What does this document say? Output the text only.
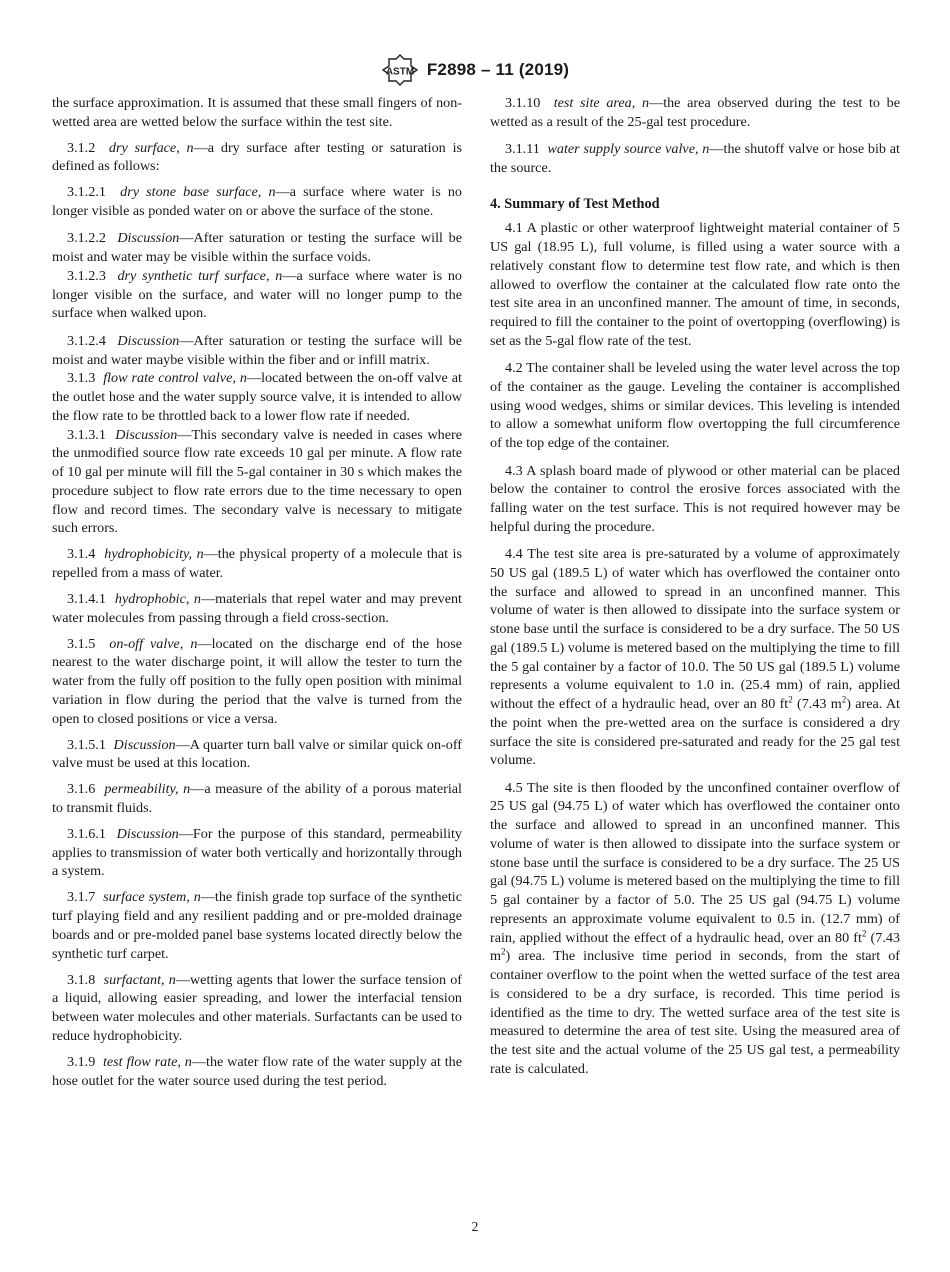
ASTM F2898 – 11 (2019)

the surface approximation. It is assumed that these small fingers of non-wetted area are wetted below the surface within the test site.

3.1.2 dry surface, n—a dry surface after testing or saturation is defined as follows:

3.1.2.1 dry stone base surface, n—a surface where water is no longer visible as ponded water on or above the surface of the stone.

3.1.2.2 Discussion—After saturation or testing the surface will be moist and water may be visible within the surface voids.

3.1.2.3 dry synthetic turf surface, n—a surface where water is no longer visible on the surface, and water will no longer pump to the surface when walked upon.

3.1.2.4 Discussion—After saturation or testing the surface will be moist and water maybe visible within the fiber and or infill matrix.

3.1.3 flow rate control valve, n—located between the on-off valve at the outlet hose and the water supply source valve, it is intended to allow the flow rate to be throttled back to a lower flow rate if needed.

3.1.3.1 Discussion—This secondary valve is needed in cases where the unmodified source flow rate exceeds 10 gal per minute. A flow rate of 10 gal per minute will fill the 5-gal container in 30 s which makes the procedure subject to flow rate errors due to the time necessary to open flow and record times. The secondary valve is necessary to mitigate such errors.

3.1.4 hydrophobicity, n—the physical property of a molecule that is repelled from a mass of water.

3.1.4.1 hydrophobic, n—materials that repel water and may prevent water molecules from passing through a field cross-section.

3.1.5 on-off valve, n—located on the discharge end of the hose nearest to the water discharge point, it will allow the tester to turn the water from the fully off position to the fully open position with minimal variation in flow during the period that the valve is turned from the open to closed positions or vice a versa.

3.1.5.1 Discussion—A quarter turn ball valve or similar quick on-off valve must be used at this location.

3.1.6 permeability, n—a measure of the ability of a porous material to transmit fluids.

3.1.6.1 Discussion—For the purpose of this standard, permeability applies to transmission of water both vertically and horizontally through a system.

3.1.7 surface system, n—the finish grade top surface of the synthetic turf playing field and any resilient padding and or pre-molded drainage boards and or pre-molded panel base systems located directly below the synthetic turf carpet.

3.1.8 surfactant, n—wetting agents that lower the surface tension of a liquid, allowing easier spreading, and lower the interfacial tension between water molecules and other materials. Surfactants can be used to reduce hydrophobicity.

3.1.9 test flow rate, n—the water flow rate of the water supply at the hose outlet for the water source used during the test period.

3.1.10 test site area, n—the area observed during the test to be wetted as a result of the 25-gal test procedure.

3.1.11 water supply source valve, n—the shutoff valve or hose bib at the source.

4. Summary of Test Method

4.1 A plastic or other waterproof lightweight material container of 5 US gal (18.95 L), full volume, is filled using a water source with a relatively constant flow to determine test flow rate, and which is then allowed to overflow the container at the calculated flow rate onto the test site area in an unconfined manner. The amount of time, in seconds, required to fill the container to the point of overtopping (overflowing) is set as the 5-gal flow rate of the test.

4.2 The container shall be leveled using the water level across the top of the container as the gauge. Leveling the container is accomplished using wood wedges, shims or similar devices. This leveling is intended to allow a somewhat uniform flow overtopping the full circumference of the top edge of the container.

4.3 A splash board made of plywood or other material can be placed below the container to control the erosive forces associated with the falling water on the test surface. This is not required however may be helpful during the procedure.

4.4 The test site area is pre-saturated by a volume of approximately 50 US gal (189.5 L) of water which has overflowed the container onto the surface and allowed to spread in an unconfined manner. This volume of water is then allowed to dissipate into the surface system or stone base until the surface is considered to be a dry surface. The 50 US gal (189.5 L) volume is metered based on the multiplying the time to fill the 5 gal container by a factor of 10.0. The 50 US gal (189.5 L) volume represents a volume equivalent to 1.0 in. (25.4 mm) of rain, applied without the effect of a hydraulic head, over an 80 $ft^2$ (7.43 $m^2$) area. At the point when the pre-wetted area on the surface is considered a dry surface the site is considered pre-saturated and ready for the 25 gal test volume.

4.5 The site is then flooded by the unconfined container overflow of 25 US gal (94.75 L) of water which has overflowed the container onto the surface and allowed to spread in an unconfined manner. This volume of water is then allowed to dissipate into the surface system or stone base until the surface is considered to be a dry surface. The 25 US gal (94.75 L) volume is metered based on the multiplying the time to fill 5 gal container by a factor of 5.0. The 25 US gal (94.75 L) volume represents an approximate volume equivalent to 0.5 in. (12.7 mm) of rain, applied without the effect of a hydraulic head, over an 80 $ft^2$ (7.43 $m^2$) area. The inclusive time period in seconds, from the start of container overflow to the point when the wetted surface of the test area is considered to be a dry surface, is recorded. This time period is identified as the time to dry. The wetted surface area of the test site is measured to determine the area of test site. Using the measured area of the test site and the actual volume of the 25 US gal test, a permeability rate is calculated.

2
